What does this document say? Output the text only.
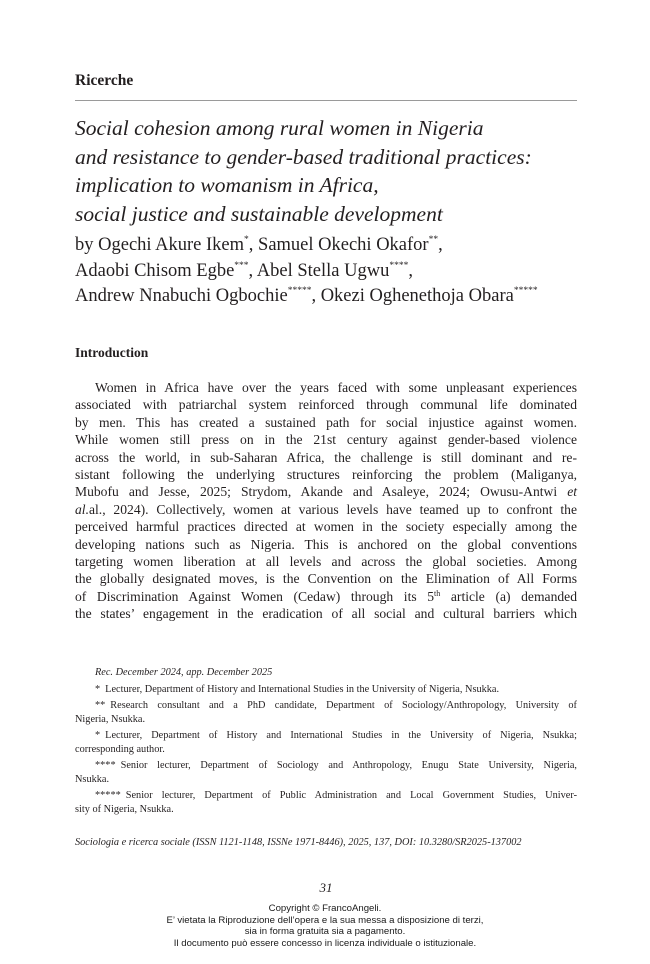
Ricerche
Social cohesion among rural women in Nigeria
and resistance to gender-based traditional practices:
implication to womanism in Africa,
social justice and sustainable development
by Ogechi Akure Ikem*, Samuel Okechi Okafor**,
Adaobi Chisom Egbe***, Abel Stella Ugwu****,
Andrew Nnabuchi Ogbochie*****, Okezi Oghenethoja Obara*****
Introduction
Women in Africa have over the years faced with some unpleasant experiences
associated with patriarchal system reinforced through communal life dominated
by men. This has created a sustained path for social injustice against women.
While women still press on in the 21st century against gender-based violence
across the world, in sub-Saharan Africa, the challenge is still dominant and re-
sistant following the underlying structures reinforcing the problem (Maliganya,
Mubofu and Jesse, 2025; Strydom, Akande and Asaleye, 2024; Owusu-Antwi et
al.al., 2024). Collectively, women at various levels have teamed up to confront the
perceived harmful practices directed at women in the society especially among the
developing nations such as Nigeria. This is anchored on the global conventions
targeting women liberation at all levels and across the global societies. Among
the globally designated moves, is the Convention on the Elimination of All Forms
of Discrimination Against Women (Cedaw) through its 5th article (a) demanded
the states’ engagement in the eradication of all social and cultural barriers which
Rec. December 2024, app. December 2025
* Lecturer, Department of History and International Studies in the University of Nigeria, Nsukka.
** Research consultant and a PhD candidate, Department of Sociology/Anthropology, University of
Nigeria, Nsukka.
* Lecturer, Department of History and International Studies in the University of Nigeria, Nsukka;
corresponding author.
**** Senior lecturer, Department of Sociology and Anthropology, Enugu State University, Nigeria,
Nsukka.
***** Senior lecturer, Department of Public Administration and Local Government Studies, Univer-
sity of Nigeria, Nsukka.
Sociologia e ricerca sociale (ISSN 1121-1148, ISSNe 1971-8446), 2025, 137, DOI: 10.3280/SR2025-137002
31
Copyright © FrancoAngeli.
E’ vietata la Riproduzione dell’opera e la sua messa a disposizione di terzi,
sia in forma gratuita sia a pagamento.
Il documento può essere concesso in licenza individuale o istituzionale.
